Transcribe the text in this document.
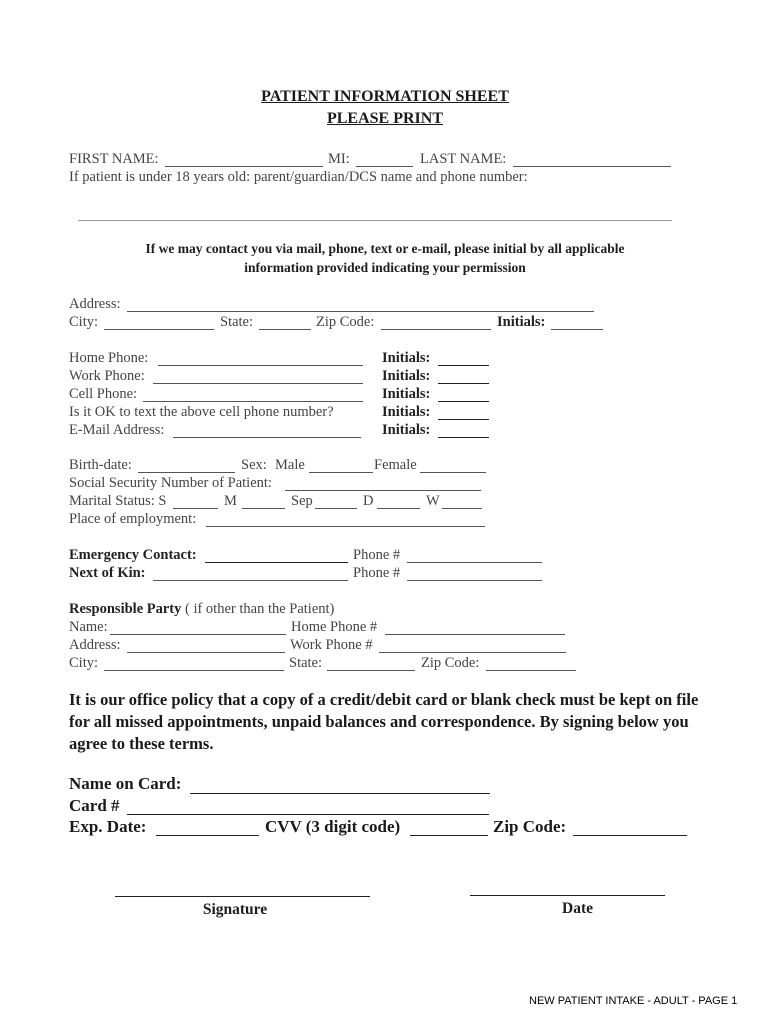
PATIENT INFORMATION SHEET
PLEASE PRINT
FIRST NAME:	MI:	LAST NAME:
If patient is under 18 years old: parent/guardian/DCS name and phone number:
If we may contact you via mail, phone, text or e-mail, please initial by all applicable
information provided indicating your permission
Address:
City:	State:	Zip Code:	Initials:
Home Phone:	Initials:
Work Phone:	Initials:
Cell Phone:	Initials:
Is it OK to text the above cell phone number?	Initials:
E-Mail Address:	Initials:
Birth-date:	Sex: Male	Female
Social Security Number of Patient:
Marital Status: S	M	Sep	D	W
Place of employment:
Emergency Contact:	Phone #
Next of Kin:	Phone #
Responsible Party ( if other than the Patient)
Name:	Home Phone #
Address:	Work Phone #
City:	State:	Zip Code:
It is our office policy that a copy of a credit/debit card or blank check must be kept on file for all missed appointments, unpaid balances and correspondence. By signing below you agree to these terms.
Name on Card:
Card #
Exp. Date:	CVV (3 digit code)	Zip Code:
Signature	Date
NEW PATIENT INTAKE - ADULT - PAGE 1
